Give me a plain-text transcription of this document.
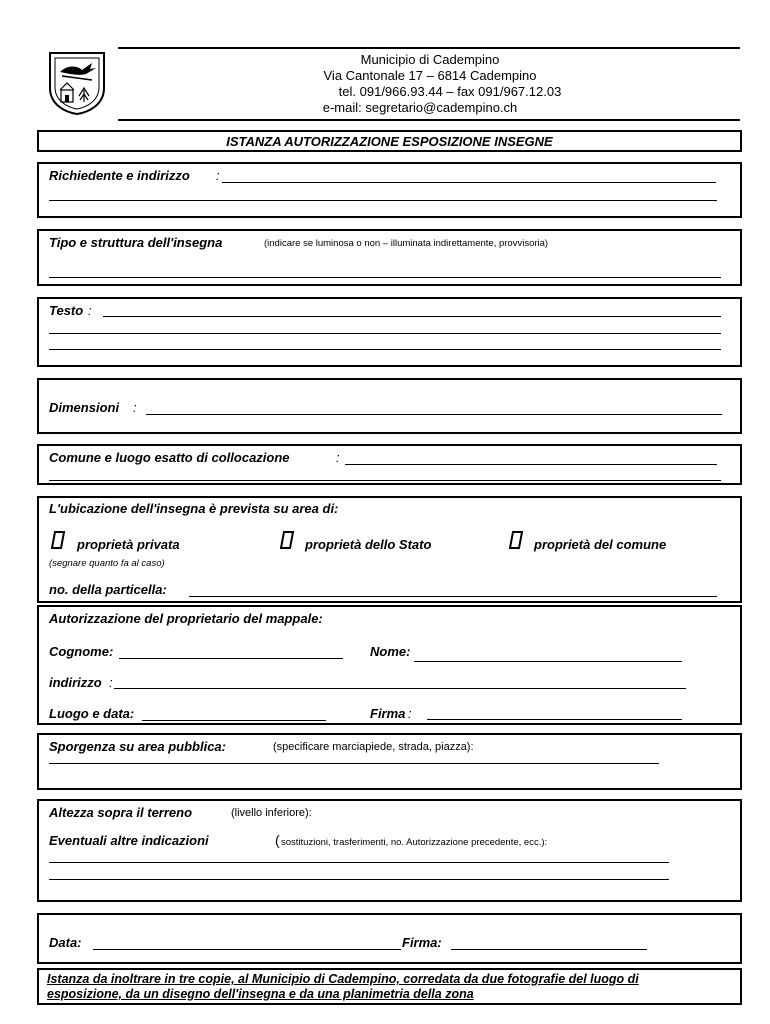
Municipio di Cadempino
Via Cantonale 17 – 6814 Cadempino
tel. 091/966.93.44 – fax 091/967.12.03
e-mail: segretario@cadempino.ch
ISTANZA AUTORIZZAZIONE ESPOSIZIONE INSEGNE
Richiedente e indirizzo :
Tipo e struttura dell'insegna	(indicare se luminosa o non – illuminata indirettamente, provvisoria)
Testo :
Dimensioni :
Comune e luogo esatto di collocazione	:
L'ubicazione dell'insegna è prevista su area di:
proprietà privata	proprietà dello Stato	proprietà del comune
(segnare quanto fa al caso)
no. della particella:
Autorizzazione del proprietario del mappale:
Cognome:	Nome:
indirizzo :
Luogo e data:	Firma :
Sporgenza su area pubblica:	(specificare marciapiede, strada, piazza):
Altezza sopra il terreno	(livello inferiore):
Eventuali altre indicazioni	( sostituzioni, trasferimenti, no. Autorizzazione precedente, ecc.):
Data:	Firma:
Istanza da inoltrare in tre copie, al Municipio di Cadempino, corredata da due fotografie del luogo di
esposizione, da un disegno dell'insegna e da una planimetria della zona
